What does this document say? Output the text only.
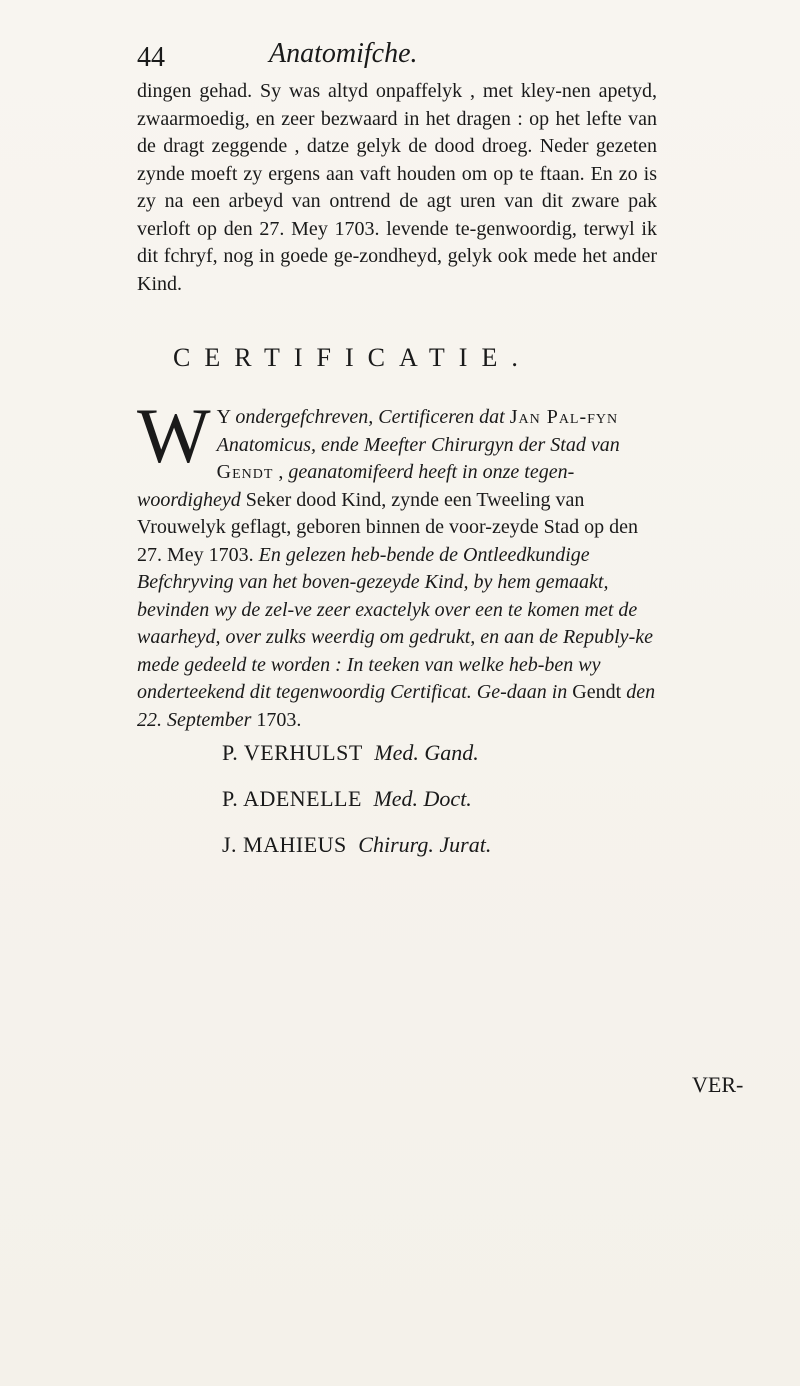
44	Anatomifche.
dingen gehad. Sy was altyd onpaffelyk , met kley-nen apetyd, zwaarmoedig, en zeer bezwaard in het dragen : op het lefte van de dragt zeggende , datze gelyk de dood droeg. Neder gezeten zynde moeft zy ergens aan vaft houden om op te ftaan. En zo is zy na een arbeyd van ontrend de agt uren van dit zware pak verloft op den 27. Mey 1703. levende te-genwoordig, terwyl ik dit fchryf, nog in goede ge-zondheyd, gelyk ook mede het ander Kind.
CERTIFICATIE.
W Y ondergefchreven, Certificeren dat Jan Pal-fyn Anatomicus, ende Meefter Chirurgyn der Stad van Gendt , geanatomifeerd heeft in onze tegen-woordigheyd Seker dood Kind, zynde een Tweeling van Vrouwelyk geflagt, geboren binnen de voor-zeyde Stad op den 27. Mey 1703. En gelezen heb-bende de Ontleedkundige Befchryving van het boven-gezeyde Kind, by hem gemaakt, bevinden wy de zel-ve zeer exactelyk over een te komen met de waarheyd, over zulks weerdig om gedrukt, en aan de Republy-ke mede gedeeld te worden : In teeken van welke heb-ben wy onderteekend dit tegenwoordig Certificat. Ge-daan in Gendt den 22. September 1703.
P. VERHULST Med. Gand.
P. ADENELLE Med. Doct.
J. MAHIEUS Chirurg. Jurat.
VER-
